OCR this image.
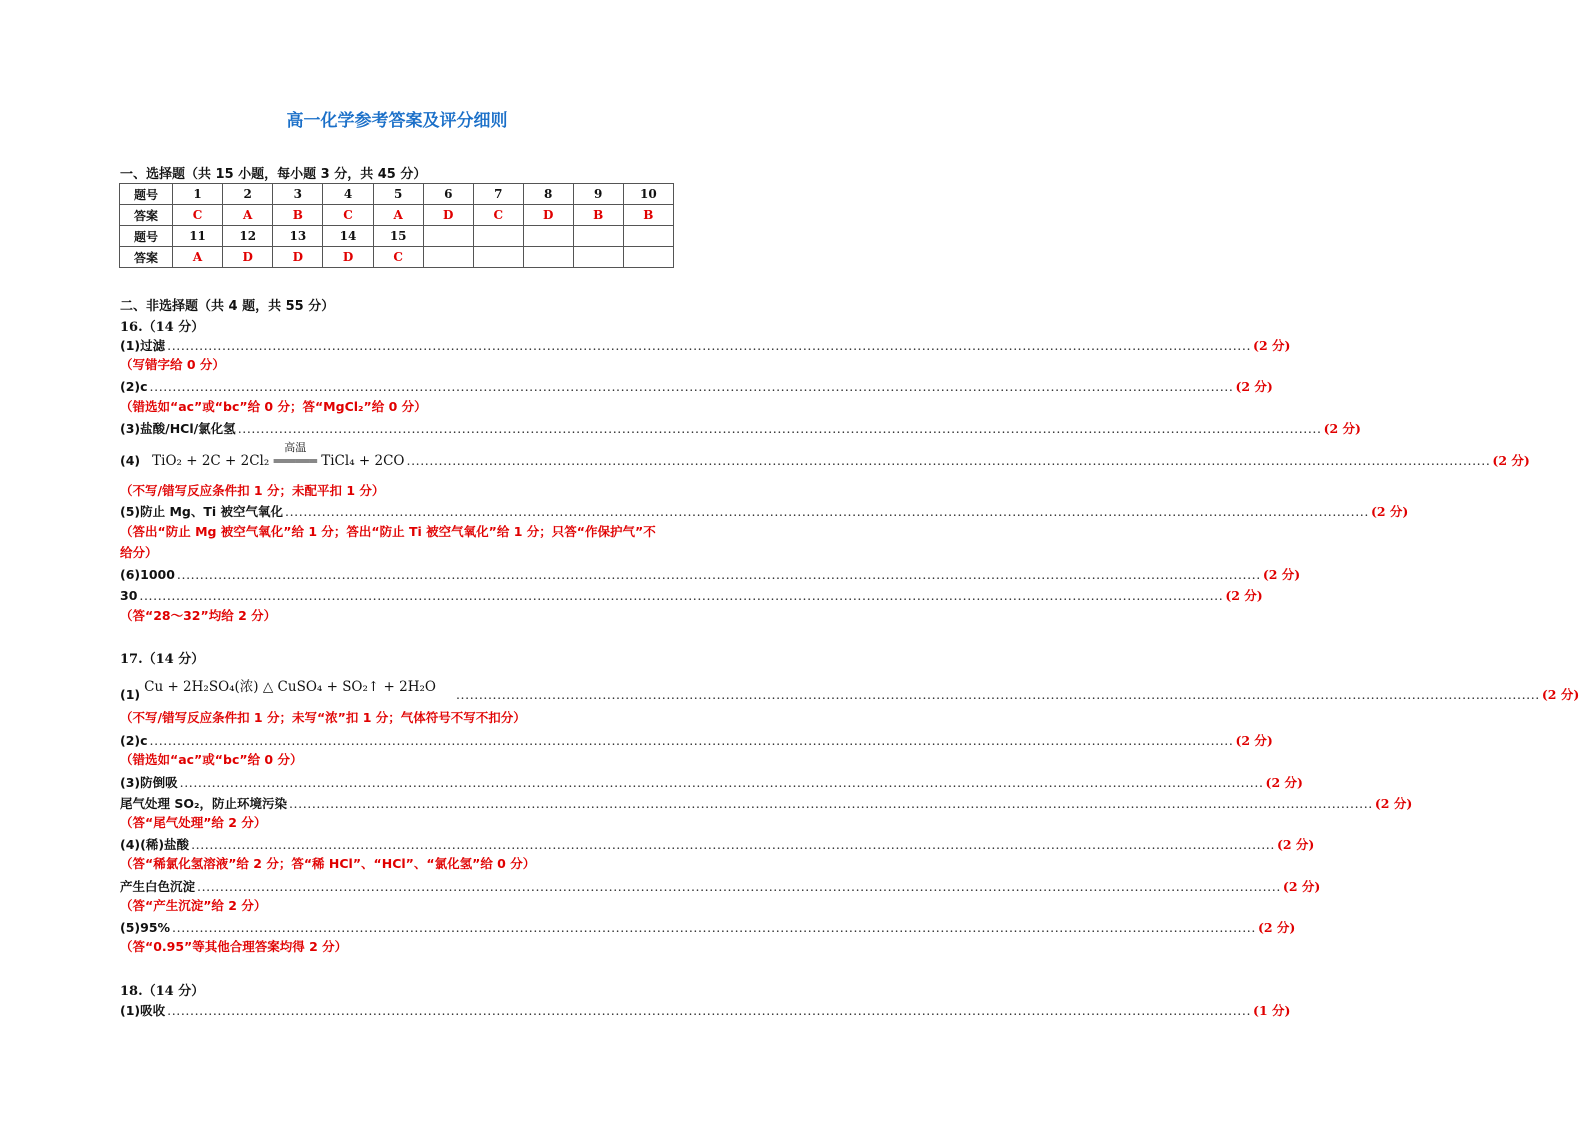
高一化学参考答案及评分细则
一、选择题（共 15 小题，每小题 3 分，共 45 分）
题号	1	2	3	4	5	6	7	8	9	10
答案	C	A	B	C	A	D	C	D	B	B
题号	11	12	13	14	15					
答案	A	D	D	D	C					
二、非选择题（共 4 题，共 55 分）
16.（14 分）
(1)过滤 ............................................................................................................................................................................................................................................. (2 分)
（写错字给 0 分）
(2)c ............................................................................................................................................................................................................................................. (2 分)
（错选如“ac”或“bc”给 0 分；答“MgCl₂”给 0 分）
(3)盐酸/HCl/氯化氢 ............................................................................................................................................................................................................................................. (2 分)
(4) TiO₂ + 2C + 2Cl₂
高温
══════ TiCl₄ + 2CO ............................................................................................................................................................................................................................................. (2 分)
（不写/错写反应条件扣 1 分；未配平扣 1 分）
(5)防止 Mg、Ti 被空气氧化 ............................................................................................................................................................................................................................................. (2 分)
（答出“防止 Mg 被空气氧化”给 1 分；答出“防止 Ti 被空气氧化”给 1 分；只答“作保护气”不给分）
(6)1000 ............................................................................................................................................................................................................................................. (2 分)
30 ............................................................................................................................................................................................................................................. (2 分)
（答“28～32”均给 2 分）
17.（14 分）
(1) Cu + 2H₂SO₄(浓) △ CuSO₄ + SO₂↑ + 2H₂O ............................................................................................................................................................................................................................................. (2 分)
（不写/错写反应条件扣 1 分；未写“浓”扣 1 分；气体符号不写不扣分）
(2)c ............................................................................................................................................................................................................................................. (2 分)
（错选如“ac”或“bc”给 0 分）
(3)防倒吸 ............................................................................................................................................................................................................................................. (2 分)
尾气处理 SO₂，防止环境污染 ............................................................................................................................................................................................................................................. (2 分)
（答“尾气处理”给 2 分）
(4)(稀)盐酸 ............................................................................................................................................................................................................................................. (2 分)
（答“稀氯化氢溶液”给 2 分；答“稀 HCl”、“HCl”、“氯化氢”给 0 分）
产生白色沉淀 ............................................................................................................................................................................................................................................. (2 分)
（答“产生沉淀”给 2 分）
(5)95% ............................................................................................................................................................................................................................................. (2 分)
（答“0.95”等其他合理答案均得 2 分）
18.（14 分）
(1)吸收 ............................................................................................................................................................................................................................................. (1 分)
